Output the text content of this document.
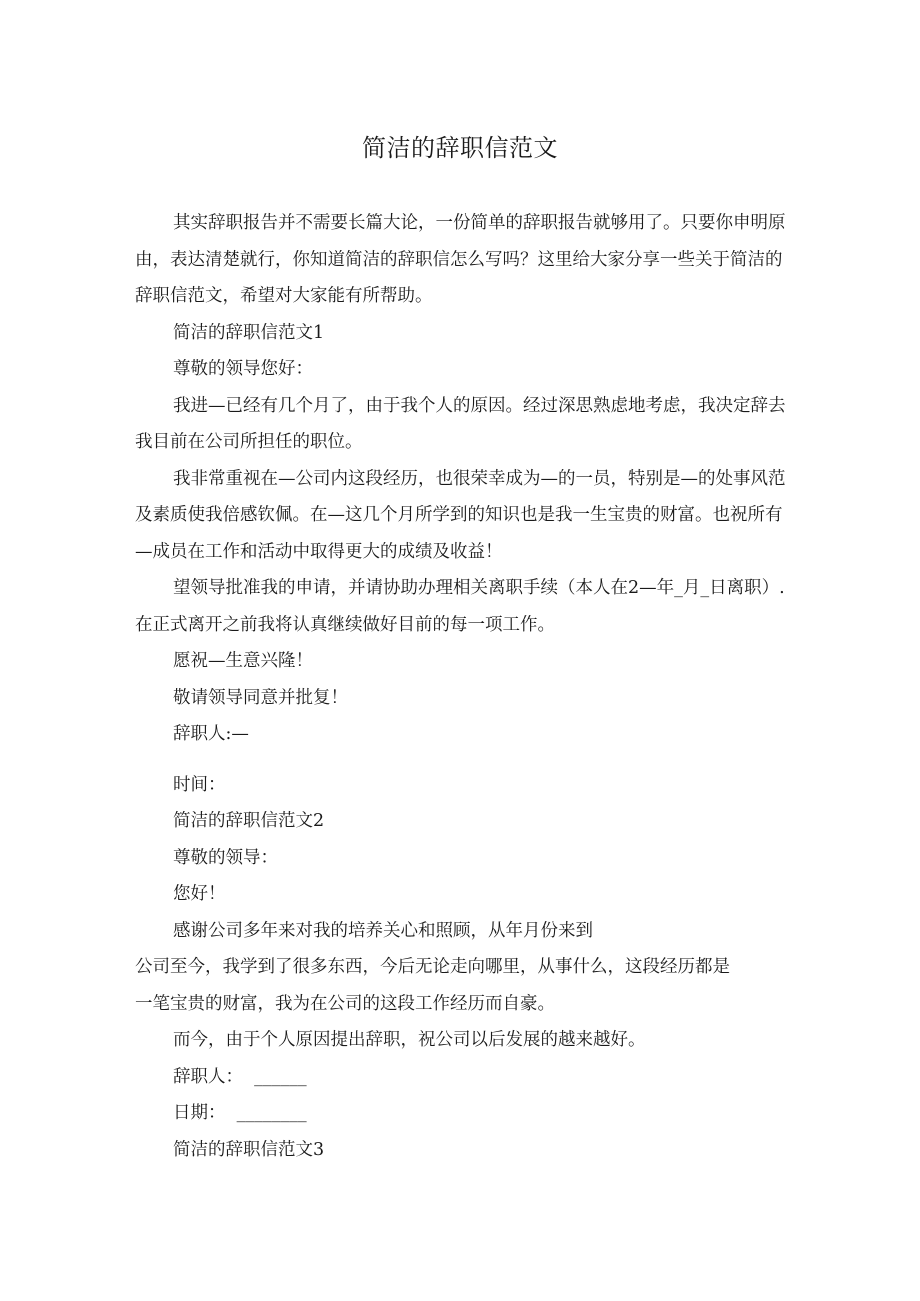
简洁的辞职信范文

其实辞职报告并不需要长篇大论，一份简单的辞职报告就够用了。只要你申明原由，表达清楚就行，你知道简洁的辞职信怎么写吗？这里给大家分享一些关于简洁的辞职信范文，希望对大家能有所帮助。

简洁的辞职信范文1

尊敬的领导您好：

我进—已经有几个月了，由于我个人的原因。经过深思熟虑地考虑，我决定辞去我目前在公司所担任的职位。

我非常重视在—公司内这段经历，也很荣幸成为—的一员，特别是—的处事风范及素质使我倍感钦佩。在—这几个月所学到的知识也是我一生宝贵的财富。也祝所有—成员在工作和活动中取得更大的成绩及收益！

望领导批准我的申请，并请协助办理相关离职手续（本人在2—年_月_日离职）. 在正式离开之前我将认真继续做好目前的每一项工作。

愿祝—生意兴隆！

敬请领导同意并批复！

辞职人:—

时间：

简洁的辞职信范文2

尊敬的领导：

您好！

感谢公司多年来对我的培养关心和照顾，从年月份来到

公司至今，我学到了很多东西，今后无论走向哪里，从事什么，这段经历都是

一笔宝贵的财富，我为在公司的这段工作经历而自豪。

而今，由于个人原因提出辞职，祝公司以后发展的越来越好。

辞职人：  ______

日期：  ________

简洁的辞职信范文3
